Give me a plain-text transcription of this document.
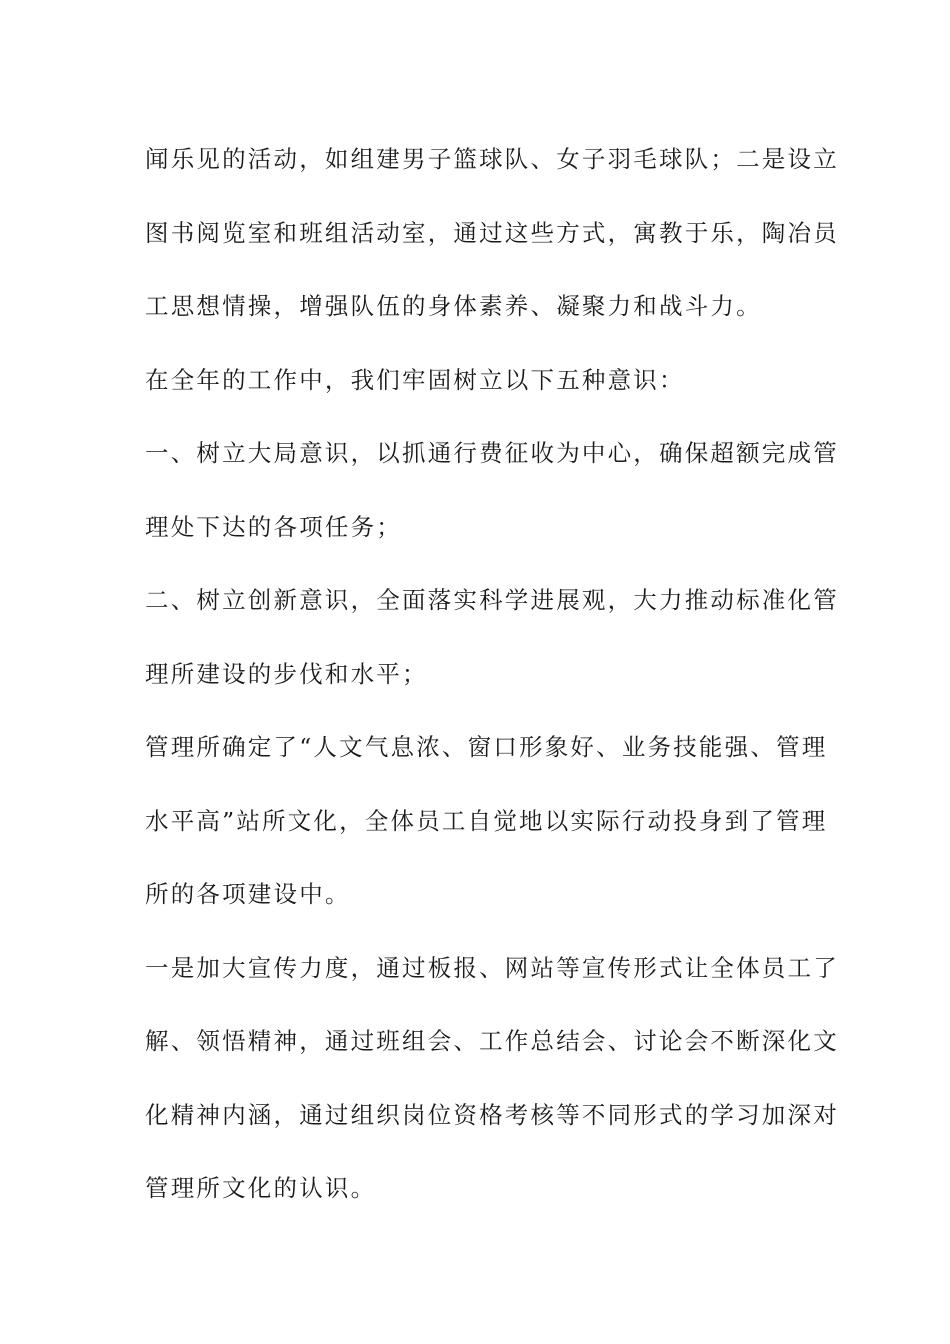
闻乐见的活动，如组建男子篮球队、女子羽毛球队；二是设立
图书阅览室和班组活动室，通过这些方式，寓教于乐，陶冶员
工思想情操，增强队伍的身体素养、凝聚力和战斗力。
在全年的工作中，我们牢固树立以下五种意识：
一、树立大局意识，以抓通行费征收为中心，确保超额完成管
理处下达的各项任务；
二、树立创新意识，全面落实科学进展观，大力推动标准化管
理所建设的步伐和水平；
管理所确定了“人文气息浓、窗口形象好、业务技能强、管理
水平高”站所文化，全体员工自觉地以实际行动投身到了管理
所的各项建设中。
一是加大宣传力度，通过板报、网站等宣传形式让全体员工了
解、领悟精神，通过班组会、工作总结会、讨论会不断深化文
化精神内涵，通过组织岗位资格考核等不同形式的学习加深对
管理所文化的认识。
